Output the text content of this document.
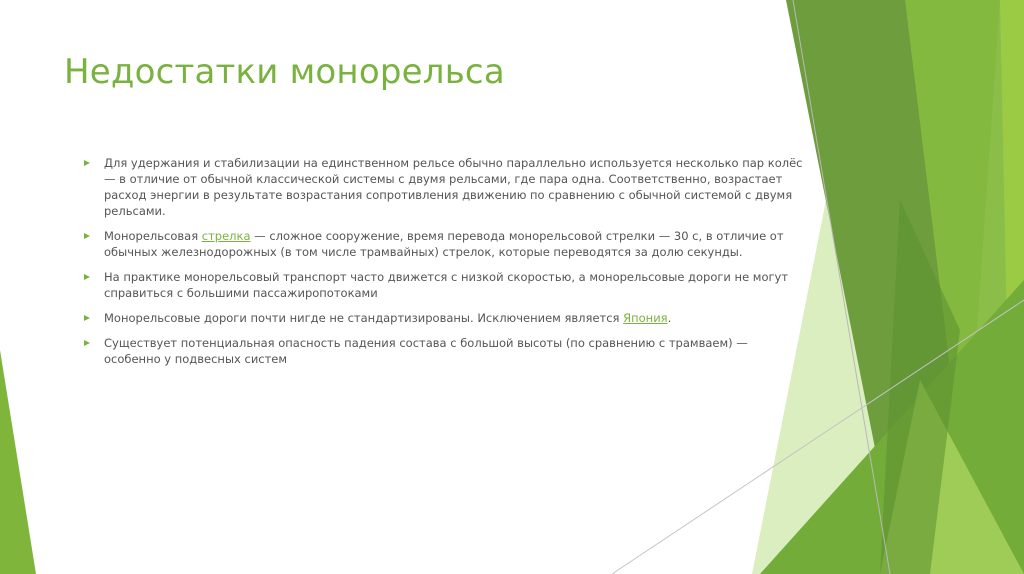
Недостатки монорельса
Для удержания и стабилизации на единственном рельсе обычно параллельно используется несколько пар колёс — в отличие от обычной классической системы с двумя рельсами, где пара одна. Соответственно, возрастает расход энергии в результате возрастания сопротивления движению по сравнению с обычной системой с двумя рельсами.
Монорельсовая стрелка — сложное сооружение, время перевода монорельсовой стрелки — 30 с, в отличие от обычных железнодорожных (в том числе трамвайных) стрелок, которые переводятся за долю секунды.
На практике монорельсовый транспорт часто движется с низкой скоростью, а монорельсовые дороги не могут справиться с большими пассажиропотоками
Монорельсовые дороги почти нигде не стандартизированы. Исключением является Япония.
Существует потенциальная опасность падения состава с большой высоты (по сравнению с трамваем) — особенно у подвесных систем
